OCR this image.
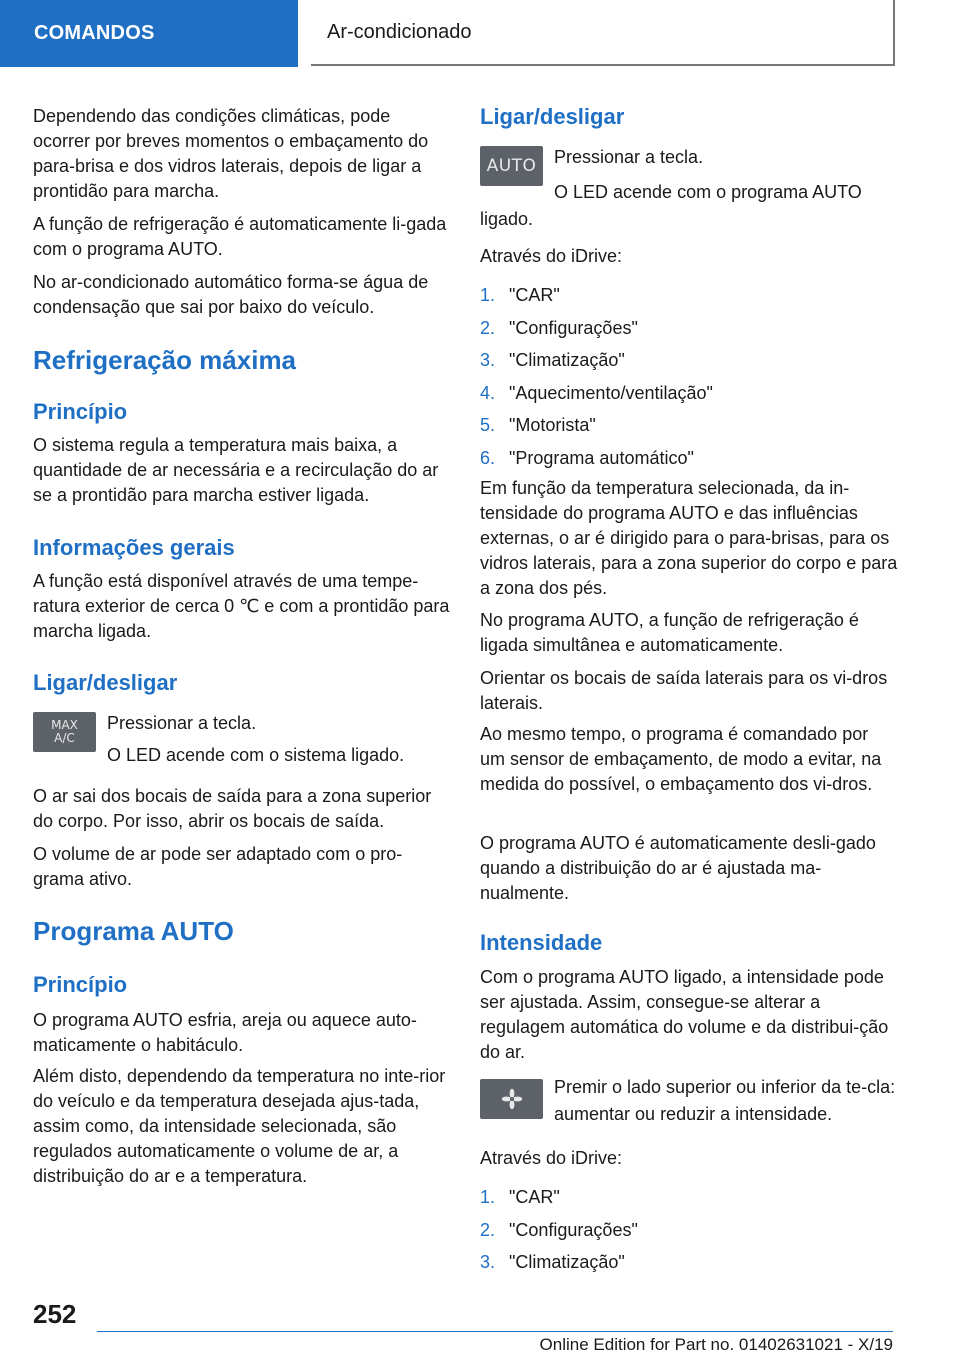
COMANDOS	Ar-condicionado

Dependendo das condições climáticas, pode ocorrer por breves momentos o embaçamento do para-brisa e dos vidros laterais, depois de ligar a prontidão para marcha.

A função de refrigeração é automaticamente li-gada com o programa AUTO.

No ar-condicionado automático forma-se água de condensação que sai por baixo do veículo.

Refrigeração máxima
Princípio

O sistema regula a temperatura mais baixa, a quantidade de ar necessária e a recirculação do ar se a prontidão para marcha estiver ligada.

Informações gerais

A função está disponível através de uma tempe-ratura exterior de cerca 0 ℃ e com a prontidão para marcha ligada.

Ligar/desligar
MAX
A/C

Pressionar a tecla.

O LED acende com o sistema ligado.

O ar sai dos bocais de saída para a zona superior do corpo. Por isso, abrir os bocais de saída.

O volume de ar pode ser adaptado com o pro-grama ativo.

Programa AUTO
Princípio

O programa AUTO esfria, areja ou aquece auto-maticamente o habitáculo.

Além disto, dependendo da temperatura no inte-rior do veículo e da temperatura desejada ajus-tada, assim como, da intensidade selecionada, são regulados automaticamente o volume de ar, a distribuição do ar e a temperatura.

Ligar/desligar
AUTO Pressionar a tecla.

O LED acende com o programa AUTO ligado.

Através do iDrive:

1. "CAR"
2. "Configurações"
3. "Climatização"
4. "Aquecimento/ventilação"
5. "Motorista"
6. "Programa automático"

Em função da temperatura selecionada, da in-tensidade do programa AUTO e das influências externas, o ar é dirigido para o para-brisas, para os vidros laterais, para a zona superior do corpo e para a zona dos pés.

No programa AUTO, a função de refrigeração é ligada simultânea e automaticamente.

Orientar os bocais de saída laterais para os vi-dros laterais.

Ao mesmo tempo, o programa é comandado por um sensor de embaçamento, de modo a evitar, na medida do possível, o embaçamento dos vi-dros.

O programa AUTO é automaticamente desli-gado quando a distribuição do ar é ajustada ma-nualmente.

Intensidade

Com o programa AUTO ligado, a intensidade pode ser ajustada. Assim, consegue-se alterar a regulagem automática do volume e da distribui-ção do ar.

Premir o lado superior ou inferior da te-cla: aumentar ou reduzir a intensidade.

Através do iDrive:

1. "CAR"
2. "Configurações"
3. "Climatização"
252
Online Edition for Part no. 01402631021 - X/19
